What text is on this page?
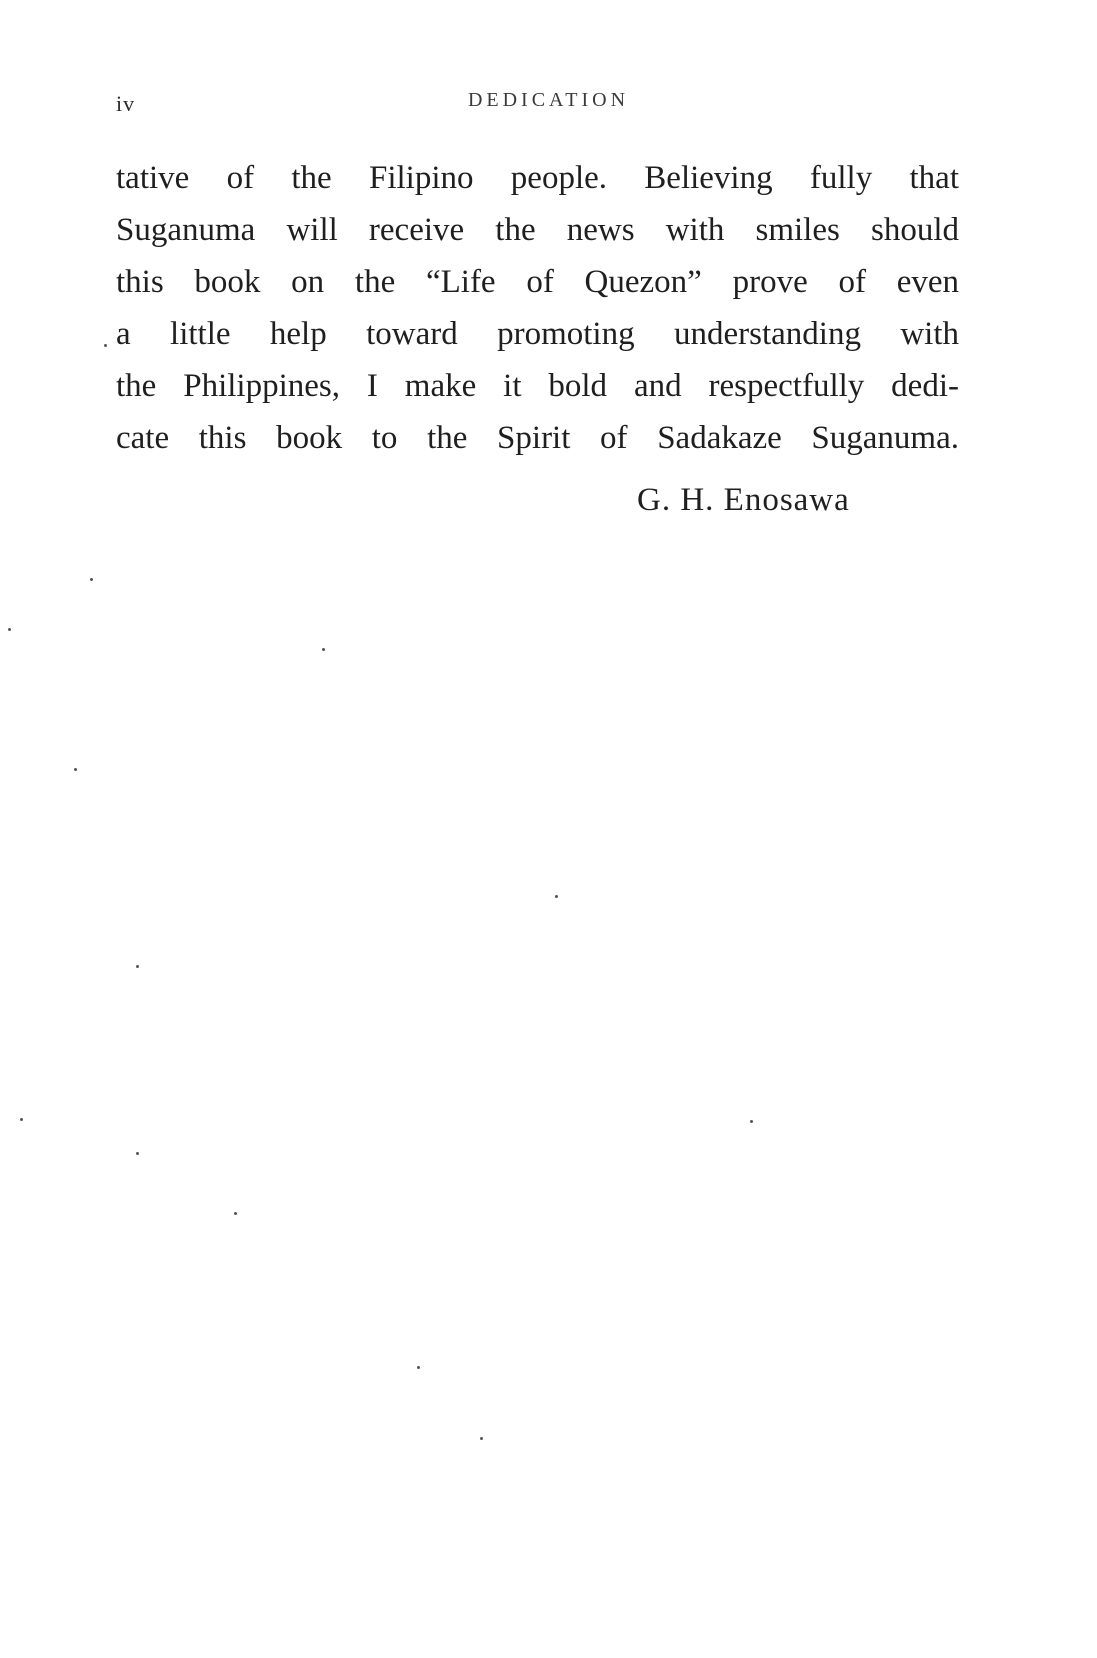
iv	DEDICATION
tative of the Filipino people. Believing fully that
Suganuma will receive the news with smiles should
this book on the “Life of Quezon” prove of even
a little help toward promoting understanding with
the Philippines, I make it bold and respectfully dedi-
cate this book to the Spirit of Sadakaze Suganuma.
G. H. Enosawa
